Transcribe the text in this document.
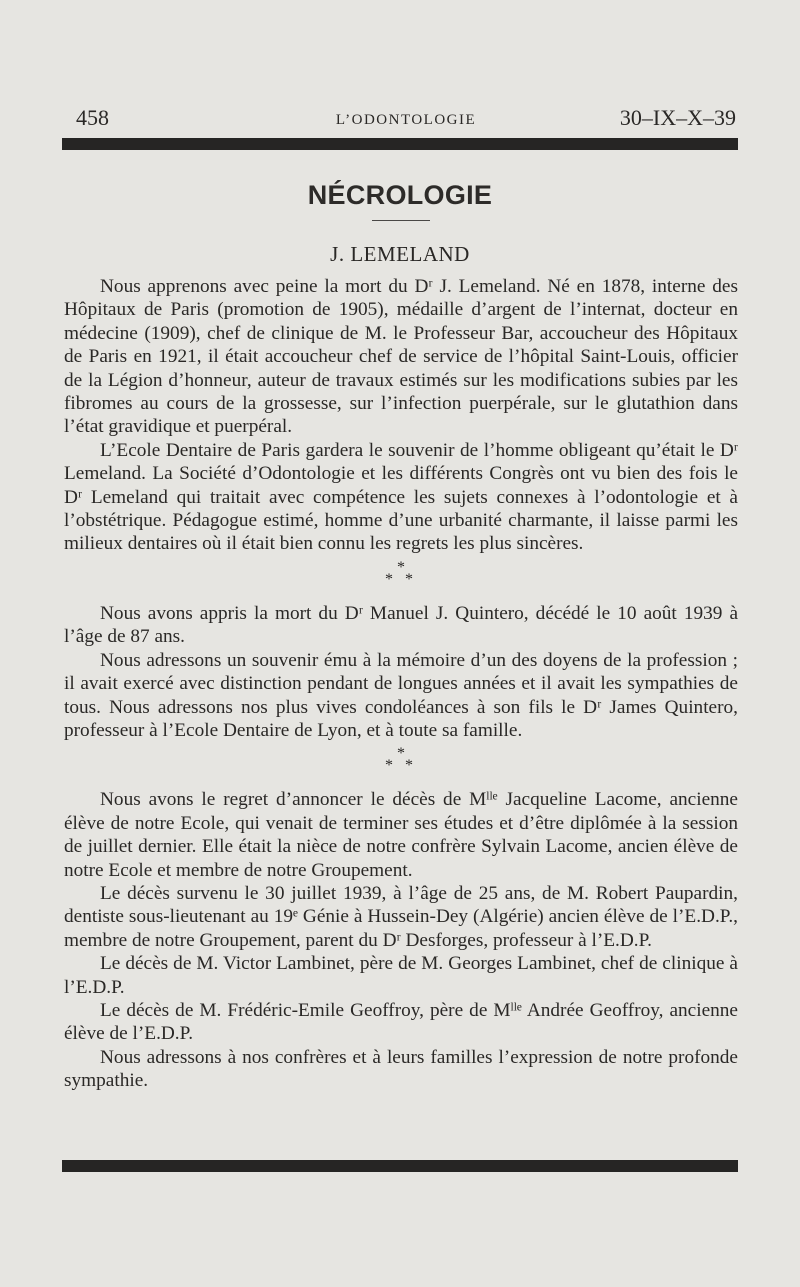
458	L’ODONTOLOGIE	30–IX–X–39
NÉCROLOGIE
J. LEMELAND

Nous apprenons avec peine la mort du Dʳ J. Lemeland. Né en 1878, interne des Hôpitaux de Paris (promotion de 1905), médaille d’argent de l’internat, docteur en médecine (1909), chef de clinique de M. le Professeur Bar, accoucheur des Hôpitaux de Paris en 1921, il était accoucheur chef de service de l’hôpital Saint-Louis, officier de la Légion d’honneur, auteur de travaux estimés sur les modifications subies par les fibromes au cours de la grossesse, sur l’infection puerpérale, sur le glutathion dans l’état gravidique et puerpéral.

L’Ecole Dentaire de Paris gardera le souvenir de l’homme obligeant qu’était le Dʳ Lemeland. La Société d’Odontologie et les différents Congrès ont vu bien des fois le Dʳ Lemeland qui traitait avec compétence les sujets connexes à l’odontologie et à l’obstétrique. Pédagogue estimé, homme d’une urbanité charmante, il laisse parmi les milieux dentaires où il était bien connu les regrets les plus sincères.

*
* *

Nous avons appris la mort du Dʳ Manuel J. Quintero, décédé le 10 août 1939 à l’âge de 87 ans.

Nous adressons un souvenir ému à la mémoire d’un des doyens de la profession ; il avait exercé avec distinction pendant de longues années et il avait les sympathies de tous. Nous adressons nos plus vives condoléances à son fils le Dʳ James Quintero, professeur à l’Ecole Dentaire de Lyon, et à toute sa famille.

*
* *

Nous avons le regret d’annoncer le décès de Mˡˡᵉ Jacqueline Lacome, ancienne élève de notre Ecole, qui venait de terminer ses études et d’être diplômée à la session de juillet dernier. Elle était la nièce de notre confrère Sylvain Lacome, ancien élève de notre Ecole et membre de notre Groupement.

Le décès survenu le 30 juillet 1939, à l’âge de 25 ans, de M. Robert Paupardin, dentiste sous-lieutenant au 19ᵉ Génie à Hussein-Dey (Algérie) ancien élève de l’E.D.P., membre de notre Groupement, parent du Dʳ Desforges, professeur à l’E.D.P.

Le décès de M. Victor Lambinet, père de M. Georges Lambinet, chef de clinique à l’E.D.P.

Le décès de M. Frédéric-Emile Geoffroy, père de Mˡˡᵉ Andrée Geoffroy, ancienne élève de l’E.D.P.

Nous adressons à nos confrères et à leurs familles l’expression de notre profonde sympathie.
